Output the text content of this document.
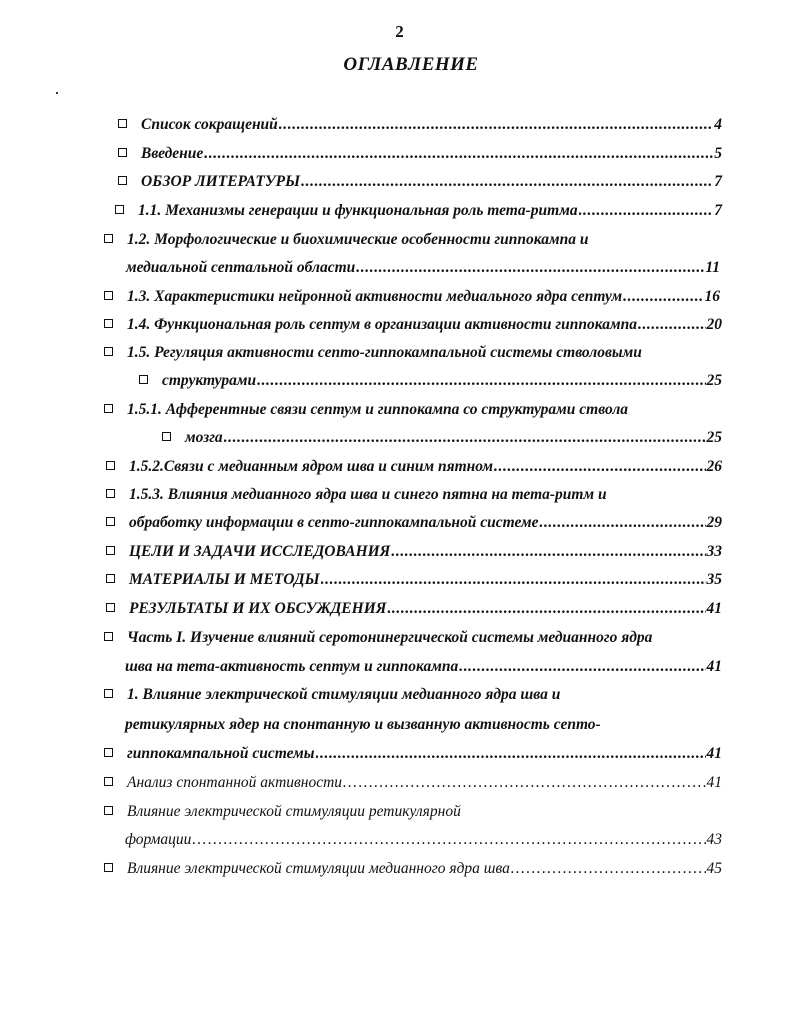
2
ОГЛАВЛЕНИЕ
Список сокращений .....	4
Введение .....	5
ОБЗОР ЛИТЕРАТУРЫ .....	7
1.1. Механизмы генерации и функциональная роль тета-ритма .....	7
1.2. Морфологические и биохимические особенности гиппокампа и
медиальной септальной области .....	11
1.3. Характеристики нейронной активности медиального ядра септум .....	16
1.4. Функциональная роль септум в организации активности гиппокампа .....	20
1.5. Регуляция активности септо-гиппокампальной системы стволовыми
структурами .....	25
1.5.1. Афферентные связи септум и гиппокампа со структурами ствола
мозга .....	25
1.5.2.Связи с медианным ядром шва и синим пятном .....	26
1.5.3. Влияния медианного ядра шва и синего пятна на тета-ритм и
обработку информации в септо-гиппокампальной системе .....	29
ЦЕЛИ И ЗАДАЧИ ИССЛЕДОВАНИЯ .....	33
МАТЕРИАЛЫ И МЕТОДЫ .....	35
РЕЗУЛЬТАТЫ И ИХ ОБСУЖДЕНИЯ .....	41
Часть I. Изучение влияний серотонинергической системы медианного ядра
шва на тета-активность септум и гиппокампа .....	41
1. Влияние электрической стимуляции медианного ядра шва и
ретикулярных ядер на спонтанную и вызванную активность септо-
гиппокампальной системы .....	41
Анализ спонтанной активности … … … … … … … … … … … … … … … … … … … … … … … … … … … … … … … … … … … … … … … … … … … … … … … … … … … … … … … … … … … …	41
Влияние электрической стимуляции ретикулярной
формации … … … … … … … … … … … … … … … … … … … … … … … … … … … … … … … … … … … … … … … … … … … … … … … … … … … … … … … … … … … …	43
Влияние электрической стимуляции медианного ядра шва … … … … … … … … … … … … … … … … … … … … … … … … … … … … … … … … … … … … … … … … … … … … … … … … … … … … … … … … … … … …	45
